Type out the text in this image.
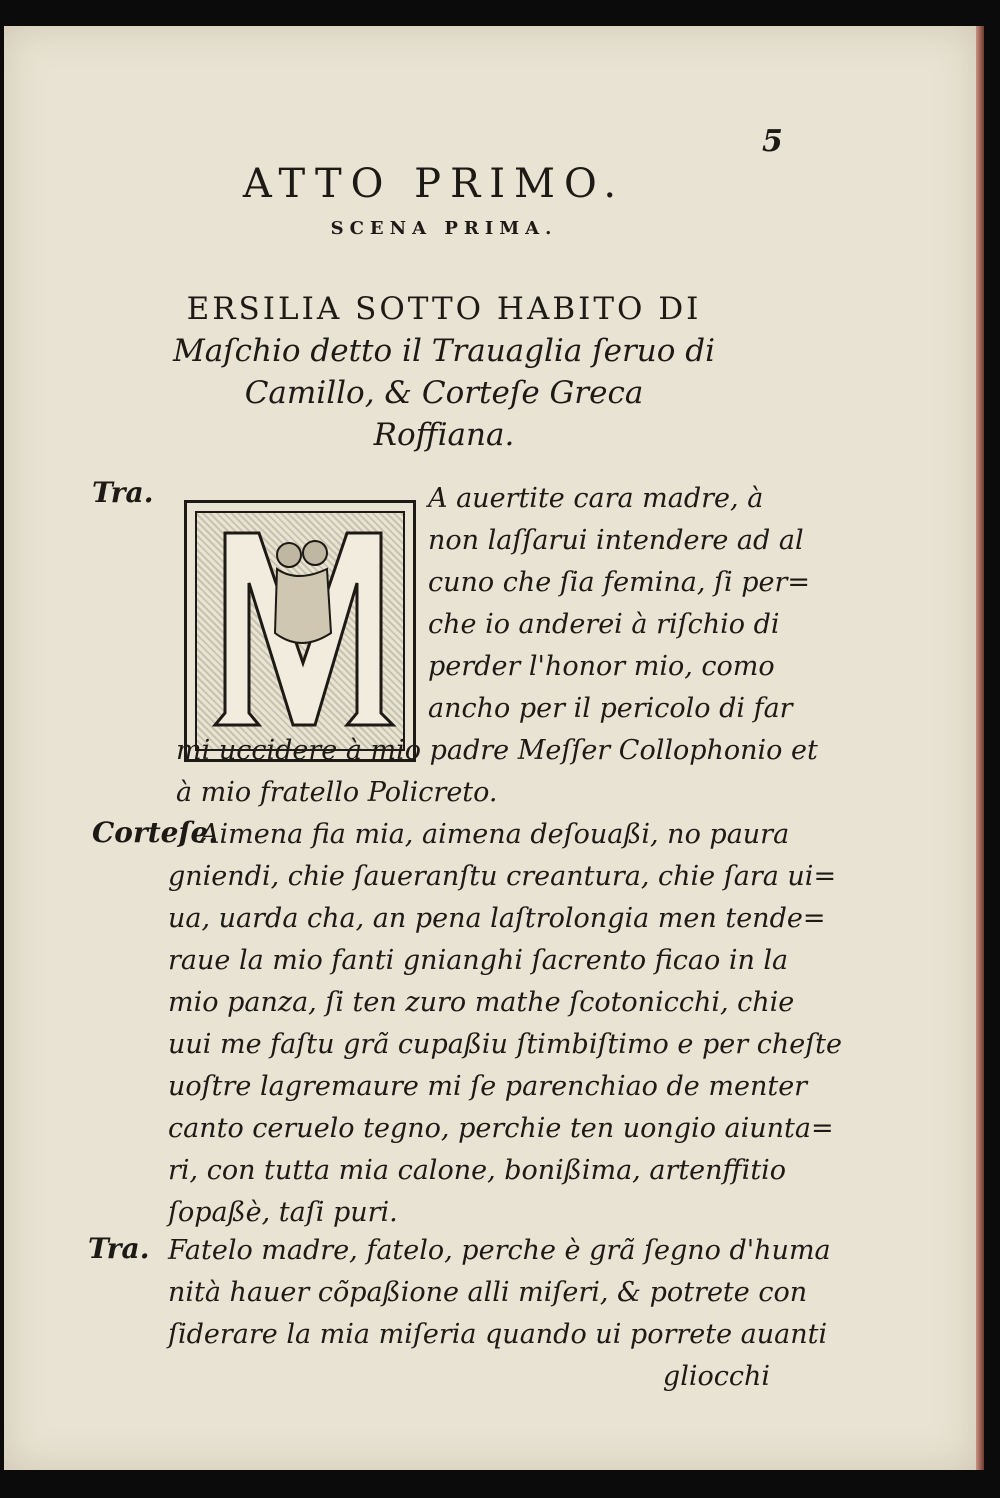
5
ATTO PRIMO.
SCENA PRIMA.
ERSILIA SOTTO HABITO DI
Maſchio detto il Trauaglia ſeruo di
Camillo, & Corteſe Greca
Roffiana.
Tra.	A auertite cara madre, à
non laſſarui intendere ad al
cuno che ſia femina, ſi per=
che io anderei à riſchio di
perder l'honor mio, como
ancho per il pericolo di far
mi uccidere à mio padre Meſſer Collophonio et
à mio fratello Policreto.
Corteſe.
Aimena fia mia, aimena deſouaßi, no paura
gniendi, chie ſaueranſtu creantura, chie ſara ui=
ua, uarda cha, an pena laſtrolongia men tende=
raue la mio fanti gnianghi ſacrento ficao in la
mio panza, ſi ten zuro mathe ſcotonicchi, chie
uui me faſtu grã cupaßiu ſtimbiſtimo e per cheſte
uoſtre lagremaure mi ſe parenchiao de menter
canto ceruelo tegno, perchie ten uongio aiunta=
ri, con tutta mia calone, bonißima, artenffitio
ſopaßè, taſi puri.
Tra. Fatelo madre, fatelo, perche è grã ſegno d'huma
nità hauer cõpaßione alli miſeri, & potrete con
ſiderare la mia miſeria quando ui porrete auanti
gliocchi
